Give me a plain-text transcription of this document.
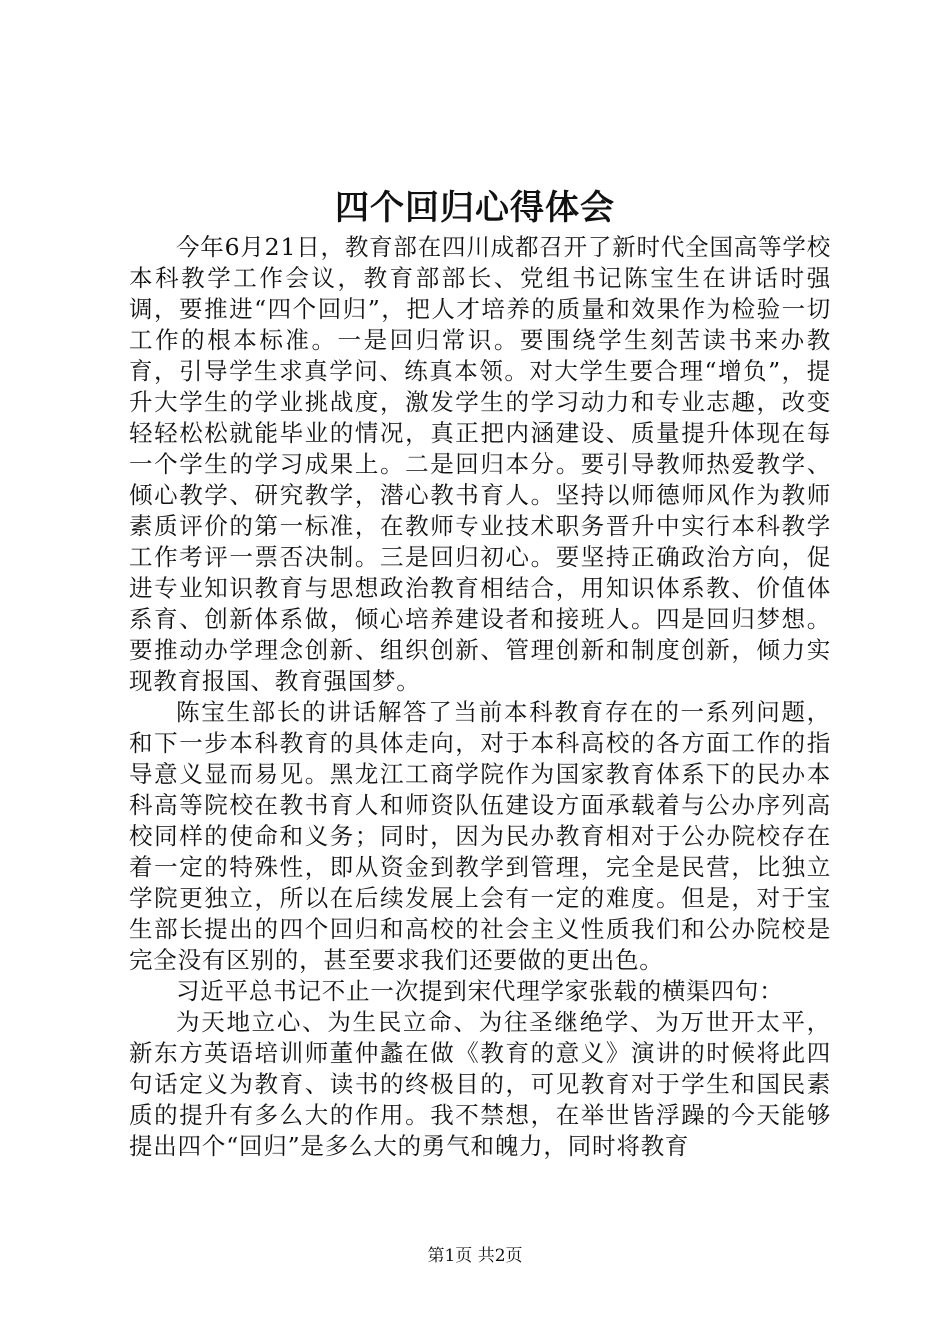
四个回归心得体会

今年6月21日，教育部在四川成都召开了新时代全国高等学校本科教学工作会议，教育部部长、党组书记陈宝生在讲话时强调，要推进“四个回归”，把人才培养的质量和效果作为检验一切工作的根本标准。一是回归常识。要围绕学生刻苦读书来办教育，引导学生求真学问、练真本领。对大学生要合理“增负”，提升大学生的学业挑战度，激发学生的学习动力和专业志趣，改变轻轻松松就能毕业的情况，真正把内涵建设、质量提升体现在每一个学生的学习成果上。二是回归本分。要引导教师热爱教学、倾心教学、研究教学，潜心教书育人。坚持以师德师风作为教师素质评价的第一标准，在教师专业技术职务晋升中实行本科教学工作考评一票否决制。三是回归初心。要坚持正确政治方向，促进专业知识教育与思想政治教育相结合，用知识体系教、价值体系育、创新体系做，倾心培养建设者和接班人。四是回归梦想。要推动办学理念创新、组织创新、管理创新和制度创新，倾力实现教育报国、教育强国梦。

陈宝生部长的讲话解答了当前本科教育存在的一系列问题，和下一步本科教育的具体走向，对于本科高校的各方面工作的指导意义显而易见。黑龙江工商学院作为国家教育体系下的民办本科高等院校在教书育人和师资队伍建设方面承载着与公办序列高校同样的使命和义务；同时，因为民办教育相对于公办院校存在着一定的特殊性，即从资金到教学到管理，完全是民营，比独立学院更独立，所以在后续发展上会有一定的难度。但是，对于宝生部长提出的四个回归和高校的社会主义性质我们和公办院校是完全没有区别的，甚至要求我们还要做的更出色。

习近平总书记不止一次提到宋代理学家张载的横渠四句：

为天地立心、为生民立命、为往圣继绝学、为万世开太平，新东方英语培训师董仲蠡在做《教育的意义》演讲的时候将此四句话定义为教育、读书的终极目的，可见教育对于学生和国民素质的提升有多么大的作用。我不禁想，在举世皆浮躁的今天能够提出四个“回归”是多么大的勇气和魄力，同时将教育

第1页 共2页
